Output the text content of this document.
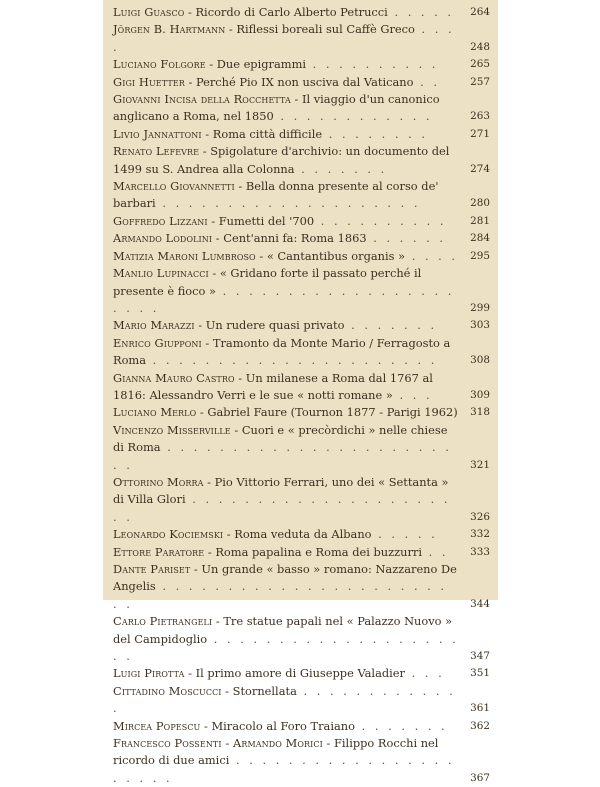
Luigi Guasco - Ricordo di Carlo Alberto Petrucci . . . . .	264
Jörgen B. Hartmann - Riflessi boreali sul Caffè Greco . . . .	248
Luciano Folgore - Due epigrammi . . . . . . . . . .	265
Gigi Huetter - Perché Pio IX non usciva dal Vaticano . .	257
Giovanni Incisa della Rocchetta - Il viaggio d'un canonico anglicano a Roma, nel 1850 . . . . . . . . . . . .	263
Livio Jannattoni - Roma città difficile . . . . . . . .	271
Renato Lefevre - Spigolature d'archivio: un documento del 1499 su S. Andrea alla Colonna . . . . . . .	274
Marcello Giovannetti - Bella donna presente al corso de' barbari . . . . . . . . . . . . . . . . . . . .	280
Goffredo Lizzani - Fumetti del '700 . . . . . . . . . .	281
Armando Lodolini - Cent'anni fa: Roma 1863 . . . . . .	284
Matizia Maroni Lumbroso - « Cantantibus organis » . . . .	295
Manlio Lupinacci - « Gridano forte il passato perché il presente è fioco » . . . . . . . . . . . . . . . . . . . . . .	299
Mario Marazzi - Un rudere quasi privato . . . . . . .	303
Enrico Giupponi - Tramonto da Monte Mario / Ferragosto a Roma . . . . . . . . . . . . . . . . . . . . . .	308
Gianna Mauro Castro - Un milanese a Roma dal 1767 al 1816: Alessandro Verri e le sue « notti romane » . . .	309
Luciano Merlo - Gabriel Faure (Tournon 1877 - Parigi 1962)	318
Vincenzo Misserville - Cuori e « precòrdichi » nelle chiese di Roma . . . . . . . . . . . . . . . . . . . . . . . .	321
Ottorino Morra - Pio Vittorio Ferrari, uno dei « Settanta » di Villa Glori . . . . . . . . . . . . . . . . . . . . . .	326
Leonardo Kociemski - Roma veduta da Albano . . . . .	332
Ettore Paratore - Roma papalina e Roma dei buzzurri . .	333
Dante Pariset - Un grande « basso » romano: Nazzareno De Angelis . . . . . . . . . . . . . . . . . . . . . . . .	344
Carlo Pietrangeli - Tre statue papali nel « Palazzo Nuovo » del Campidoglio . . . . . . . . . . . . . . . . . . . . .	347
Luigi Pirotta - Il primo amore di Giuseppe Valadier . . .	351
Cittadino Moscucci - Stornellata . . . . . . . . . . . . .	361
Mircea Popescu - Miracolo al Foro Traiano . . . . . . .	362
Francesco Possenti - Armando Morici - Filippo Rocchi nel ricordo di due amici . . . . . . . . . . . . . . . . . . . . . .	367
